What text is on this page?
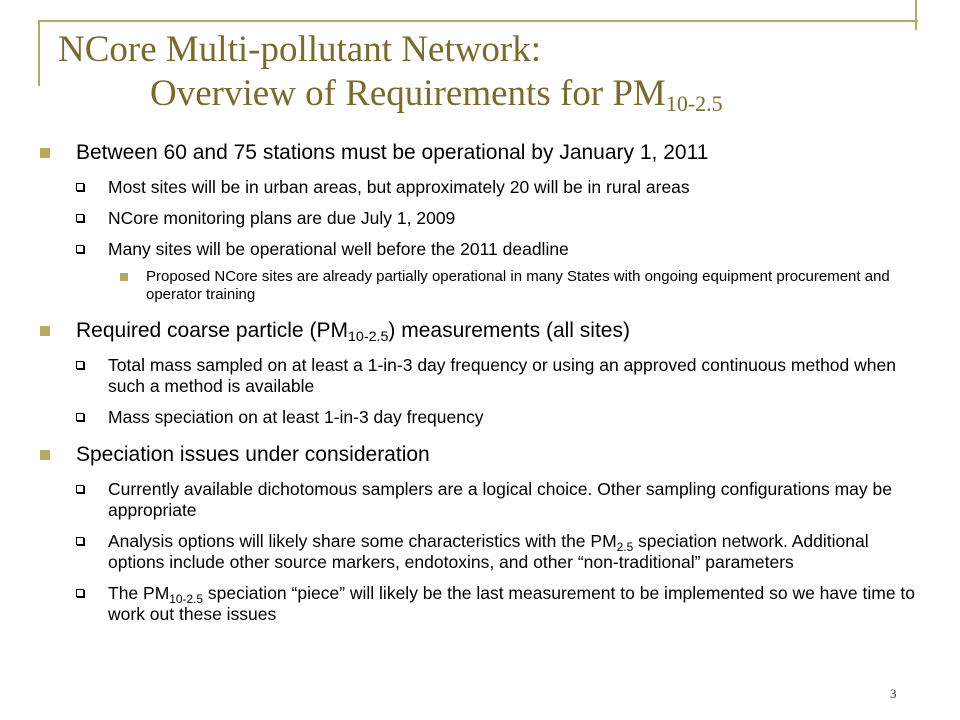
NCore Multi-pollutant Network:
Overview of Requirements for $PM_{10-2.5}$
Between 60 and 75 stations must be operational by January 1, 2011
Most sites will be in urban areas, but approximately 20 will be in rural areas
NCore monitoring plans are due July 1, 2009
Many sites will be operational well before the 2011 deadline
Proposed NCore sites are already partially operational in many States with ongoing equipment procurement and operator training
Required coarse particle $(PM_{10-2.5})$ measurements (all sites)
Total mass sampled on at least a 1-in-3 day frequency or using an approved continuous method when such a method is available
Mass speciation on at least 1-in-3 day frequency
Speciation issues under consideration
Currently available dichotomous samplers are a logical choice. Other sampling configurations may be appropriate
Analysis options will likely share some characteristics with the $PM_{2.5}$ speciation network. Additional options include other source markers, endotoxins, and other “non-traditional” parameters
The $PM_{10-2.5}$ speciation “piece” will likely be the last measurement to be implemented so we have time to work out these issues
3
